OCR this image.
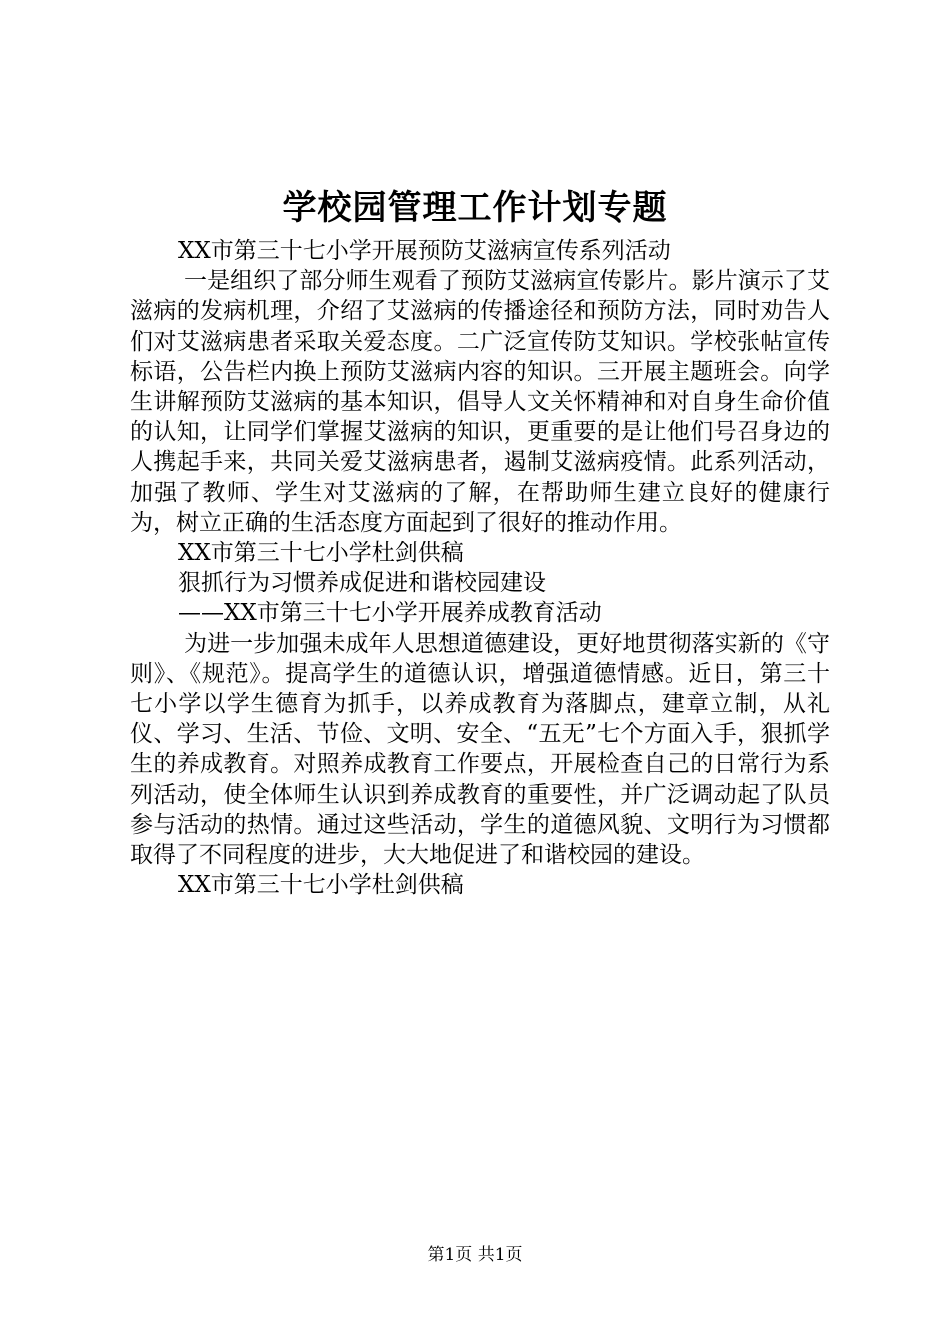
学校园管理工作计划专题

XX市第三十七小学开展预防艾滋病宣传系列活动

一是组织了部分师生观看了预防艾滋病宣传影片。影片演示了艾滋病的发病机理，介绍了艾滋病的传播途径和预防方法，同时劝告人们对艾滋病患者采取关爱态度。二广泛宣传防艾知识。学校张帖宣传标语，公告栏内换上预防艾滋病内容的知识。三开展主题班会。向学生讲解预防艾滋病的基本知识，倡导人文关怀精神和对自身生命价值的认知，让同学们掌握艾滋病的知识，更重要的是让他们号召身边的人携起手来，共同关爱艾滋病患者，遏制艾滋病疫情。此系列活动，加强了教师、学生对艾滋病的了解，在帮助师生建立良好的健康行为，树立正确的生活态度方面起到了很好的推动作用。

XX市第三十七小学杜剑供稿

狠抓行为习惯养成促进和谐校园建设

——XX市第三十七小学开展养成教育活动

为进一步加强未成年人思想道德建设，更好地贯彻落实新的《守则》、《规范》。提高学生的道德认识，增强道德情感。近日，第三十七小学以学生德育为抓手，以养成教育为落脚点，建章立制，从礼仪、学习、生活、节俭、文明、安全、“五无”七个方面入手，狠抓学生的养成教育。对照养成教育工作要点，开展检查自己的日常行为系列活动，使全体师生认识到养成教育的重要性，并广泛调动起了队员参与活动的热情。通过这些活动，学生的道德风貌、文明行为习惯都取得了不同程度的进步，大大地促进了和谐校园的建设。

XX市第三十七小学杜剑供稿

第1页 共1页
